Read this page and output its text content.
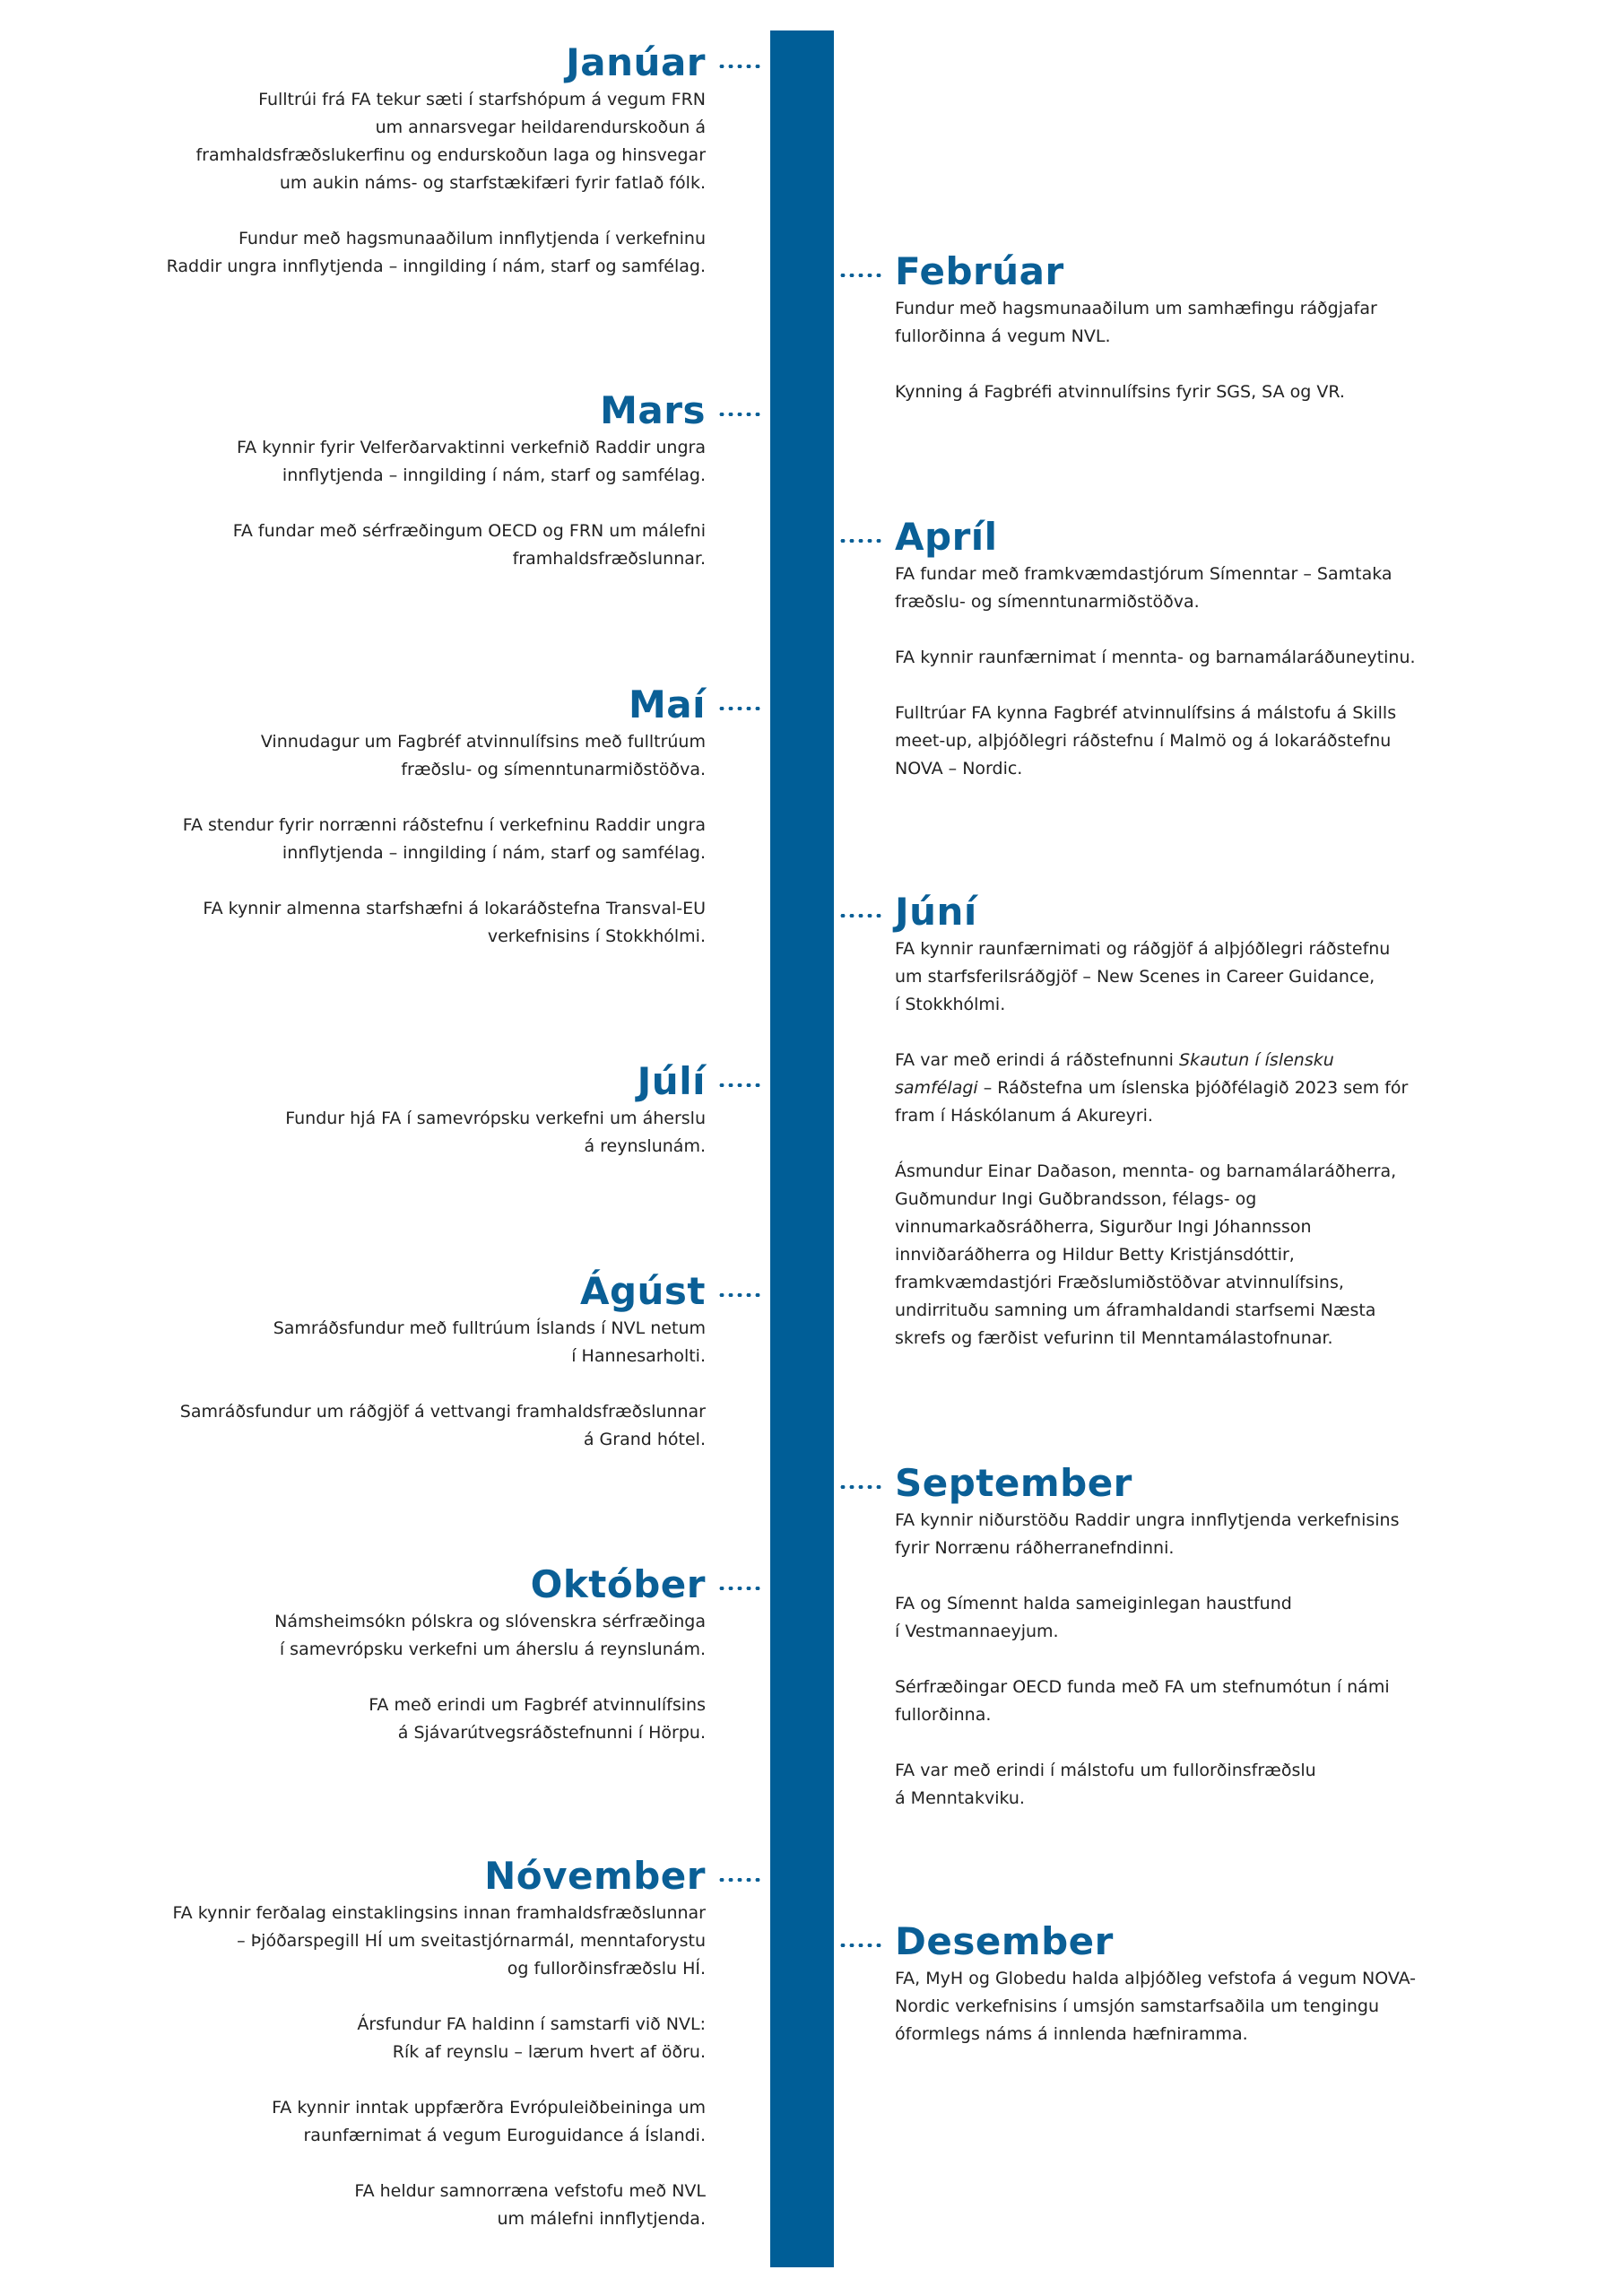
Janúar

Fulltrúi frá FA tekur sæti í starfshópum á vegum FRN
um annarsvegar heildarendurskoðun á
framhaldsfræðslukerfinu og endurskoðun laga og hinsvegar
um aukin náms- og starfstækifæri fyrir fatlað fólk.

Fundur með hagsmunaaðilum innflytjenda í verkefninu
Raddir ungra innflytjenda – inngilding í nám, starf og samfélag.	Febrúar

Fundur með hagsmunaaðilum um samhæfingu ráðgjafar
fullorðinna á vegum NVL.

Kynning á Fagbréfi atvinnulífsins fyrir SGS, SA og VR.

Mars

FA kynnir fyrir Velferðarvaktinni verkefnið Raddir ungra
innflytjenda – inngilding í nám, starf og samfélag.

FA fundar með sérfræðingum OECD og FRN um málefni
framhaldsfræðslunnar.	Apríl

FA fundar með framkvæmdastjórum Símenntar – Samtaka
fræðslu- og símenntunarmiðstöðva.

FA kynnir raunfærnimat í mennta- og barnamálaráðuneytinu.

Fulltrúar FA kynna Fagbréf atvinnulífsins á málstofu á Skills
meet-up, alþjóðlegri ráðstefnu í Malmö og á lokaráðstefnu
NOVA – Nordic.

Maí

Vinnudagur um Fagbréf atvinnulífsins með fulltrúum
fræðslu- og símenntunarmiðstöðva.

FA stendur fyrir norrænni ráðstefnu í verkefninu Raddir ungra
innflytjenda – inngilding í nám, starf og samfélag.

FA kynnir almenna starfshæfni á lokaráðstefna Transval-EU
verkefnisins í Stokkhólmi.

Júní

FA kynnir raunfærnimati og ráðgjöf á alþjóðlegri ráðstefnu
um starfsferilsráðgjöf – New Scenes in Career Guidance,
í Stokkhólmi.

FA var með erindi á ráðstefnunni Skautun í íslensku
samfélagi – Ráðstefna um íslenska þjóðfélagið 2023 sem fór
fram í Háskólanum á Akureyri.

Ásmundur Einar Daðason, mennta- og barnamálaráðherra,
Guðmundur Ingi Guðbrandsson, félags- og
vinnumarkaðsráðherra, Sigurður Ingi Jóhannsson
innviðaráðherra og Hildur Betty Kristjánsdóttir,
framkvæmdastjóri Fræðslumiðstöðvar atvinnulífsins,
undirrituðu samning um áframhaldandi starfsemi Næsta
skrefs og færðist vefurinn til Menntamálastofnunar.

Júlí

Fundur hjá FA í samevrópsku verkefni um áherslu
á reynslunám.

Ágúst

Samráðsfundur með fulltrúum Íslands í NVL netum
í Hannesarholti.

Samráðsfundur um ráðgjöf á vettvangi framhaldsfræðslunnar
á Grand hótel.

September

FA kynnir niðurstöðu Raddir ungra innflytjenda verkefnisins
fyrir Norrænu ráðherranefndinni.

FA og Símennt halda sameiginlegan haustfund
í Vestmannaeyjum.

Sérfræðingar OECD funda með FA um stefnumótun í námi
fullorðinna.

FA var með erindi í málstofu um fullorðinsfræðslu
á Menntakviku.

Október

Námsheimsókn pólskra og slóvenskra sérfræðinga
í samevrópsku verkefni um áherslu á reynslunám.

FA með erindi um Fagbréf atvinnulífsins
á Sjávarútvegsráðstefnunni í Hörpu.

Nóvember

FA kynnir ferðalag einstaklingsins innan framhaldsfræðslunnar
– Þjóðarspegill HÍ um sveitastjórnarmál, menntaforystu
og fullorðinsfræðslu HÍ.

Ársfundur FA haldinn í samstarfi við NVL:
Rík af reynslu – lærum hvert af öðru.

FA kynnir inntak uppfærðra Evrópuleiðbeininga um
raunfærnimat á vegum Euroguidance á Íslandi.

FA heldur samnorræna vefstofu með NVL
um málefni innflytjenda.

Desember

FA, MyH og Globedu halda alþjóðleg vefstofa á vegum NOVA-
Nordic verkefnisins í umsjón samstarfsaðila um tengingu
óformlegs náms á innlenda hæfniramma.
